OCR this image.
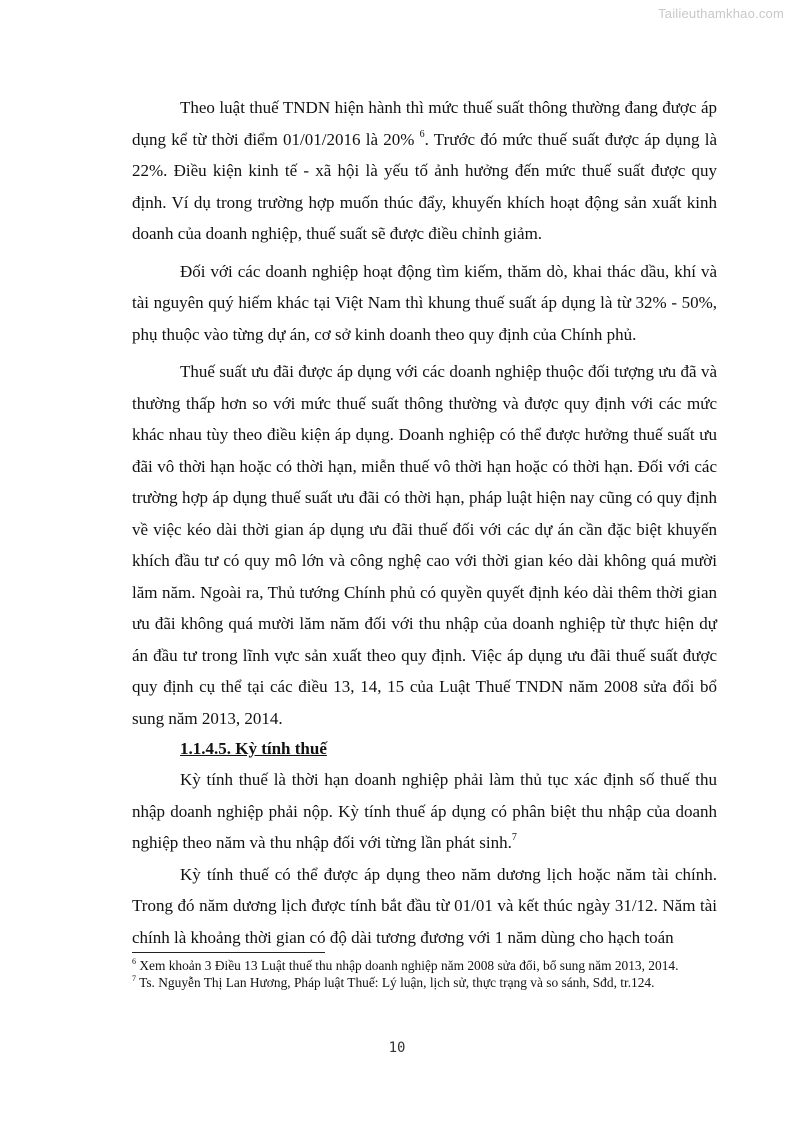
Tailieuthamkhao.com

Theo luật thuế TNDN hiện hành thì mức thuế suất thông thường đang được áp dụng kể từ thời điểm 01/01/2016 là 20% $^6$. Trước đó mức thuế suất được áp dụng là 22%. Điều kiện kinh tế - xã hội là yếu tố ảnh hưởng đến mức thuế suất được quy định. Ví dụ trong trường hợp muốn thúc đẩy, khuyến khích hoạt động sản xuất kinh doanh của doanh nghiệp, thuế suất sẽ được điều chỉnh giảm.

Đối với các doanh nghiệp hoạt động tìm kiếm, thăm dò, khai thác dầu, khí và tài nguyên quý hiếm khác tại Việt Nam thì khung thuế suất áp dụng là từ 32% - 50%, phụ thuộc vào từng dự án, cơ sở kinh doanh theo quy định của Chính phủ.

Thuế suất ưu đãi được áp dụng với các doanh nghiệp thuộc đối tượng ưu đã và thường thấp hơn so với mức thuế suất thông thường và được quy định với các mức khác nhau tùy theo điều kiện áp dụng. Doanh nghiệp có thể được hưởng thuế suất ưu đãi vô thời hạn hoặc có thời hạn, miễn thuế vô thời hạn hoặc có thời hạn. Đối với các trường hợp áp dụng thuế suất ưu đãi có thời hạn, pháp luật hiện nay cũng có quy định về việc kéo dài thời gian áp dụng ưu đãi thuế đối với các dự án cần đặc biệt khuyến khích đầu tư có quy mô lớn và công nghệ cao với thời gian kéo dài không quá mười lăm năm. Ngoài ra, Thủ tướng Chính phủ có quyền quyết định kéo dài thêm thời gian ưu đãi không quá mười lăm năm đối với thu nhập của doanh nghiệp từ thực hiện dự án đầu tư trong lĩnh vực sản xuất theo quy định. Việc áp dụng ưu đãi thuế suất được quy định cụ thể tại các điều 13, 14, 15 của Luật Thuế TNDN năm 2008 sửa đổi bổ sung năm 2013, 2014.

1.1.4.5. Kỳ tính thuế

Kỳ tính thuế là thời hạn doanh nghiệp phải làm thủ tục xác định số thuế thu nhập doanh nghiệp phải nộp. Kỳ tính thuế áp dụng có phân biệt thu nhập của doanh nghiệp theo năm và thu nhập đối với từng lần phát sinh.$^7$

Kỳ tính thuế có thể được áp dụng theo năm dương lịch hoặc năm tài chính. Trong đó năm dương lịch được tính bắt đầu từ 01/01 và kết thúc ngày 31/12. Năm tài chính là khoảng thời gian có độ dài tương đương với 1 năm dùng cho hạch toán

$^6$ Xem khoản 3 Điều 13 Luật thuế thu nhập doanh nghiệp năm 2008 sửa đổi, bổ sung năm 2013, 2014.
$^7$ Ts. Nguyễn Thị Lan Hương, Pháp luật Thuế: Lý luận, lịch sử, thực trạng và so sánh, Sđd, tr.124.
10
